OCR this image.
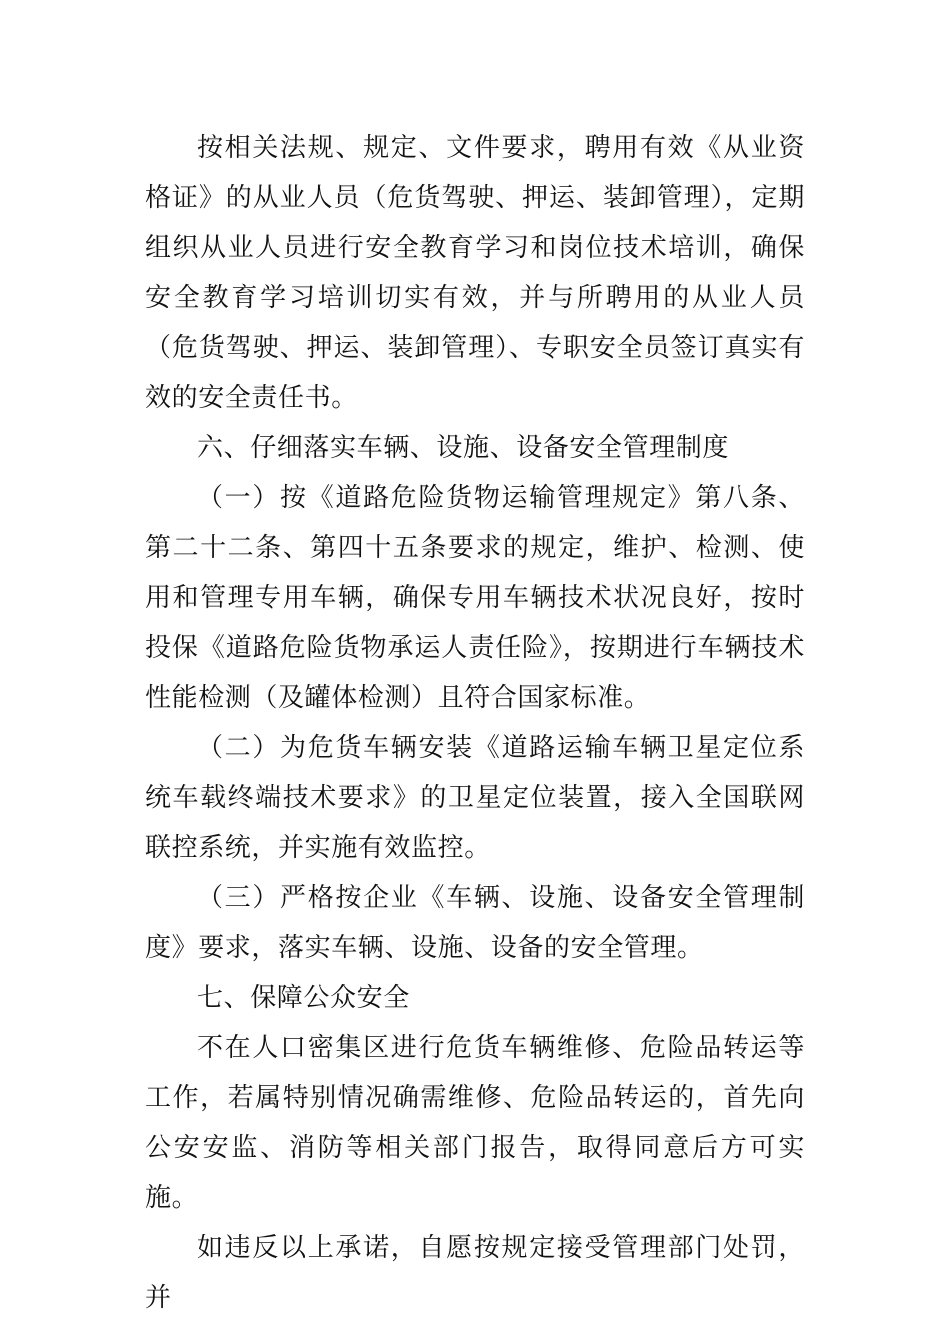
按相关法规、规定、文件要求，聘用有效《从业资格证》的从业人员（危货驾驶、押运、装卸管理），定期组织从业人员进行安全教育学习和岗位技术培训，确保安全教育学习培训切实有效，并与所聘用的从业人员（危货驾驶、押运、装卸管理）、专职安全员签订真实有效的安全责任书。

六、仔细落实车辆、设施、设备安全管理制度

（一）按《道路危险货物运输管理规定》第八条、第二十二条、第四十五条要求的规定，维护、检测、使用和管理专用车辆，确保专用车辆技术状况良好，按时投保《道路危险货物承运人责任险》，按期进行车辆技术性能检测（及罐体检测）且符合国家标准。

（二）为危货车辆安装《道路运输车辆卫星定位系统车载终端技术要求》的卫星定位装置，接入全国联网联控系统，并实施有效监控。

（三）严格按企业《车辆、设施、设备安全管理制度》要求，落实车辆、设施、设备的安全管理。

七、保障公众安全

不在人口密集区进行危货车辆维修、危险品转运等工作，若属特别情况确需维修、危险品转运的，首先向公安安监、消防等相关部门报告，取得同意后方可实施。

如违反以上承诺，自愿按规定接受管理部门处罚，并
